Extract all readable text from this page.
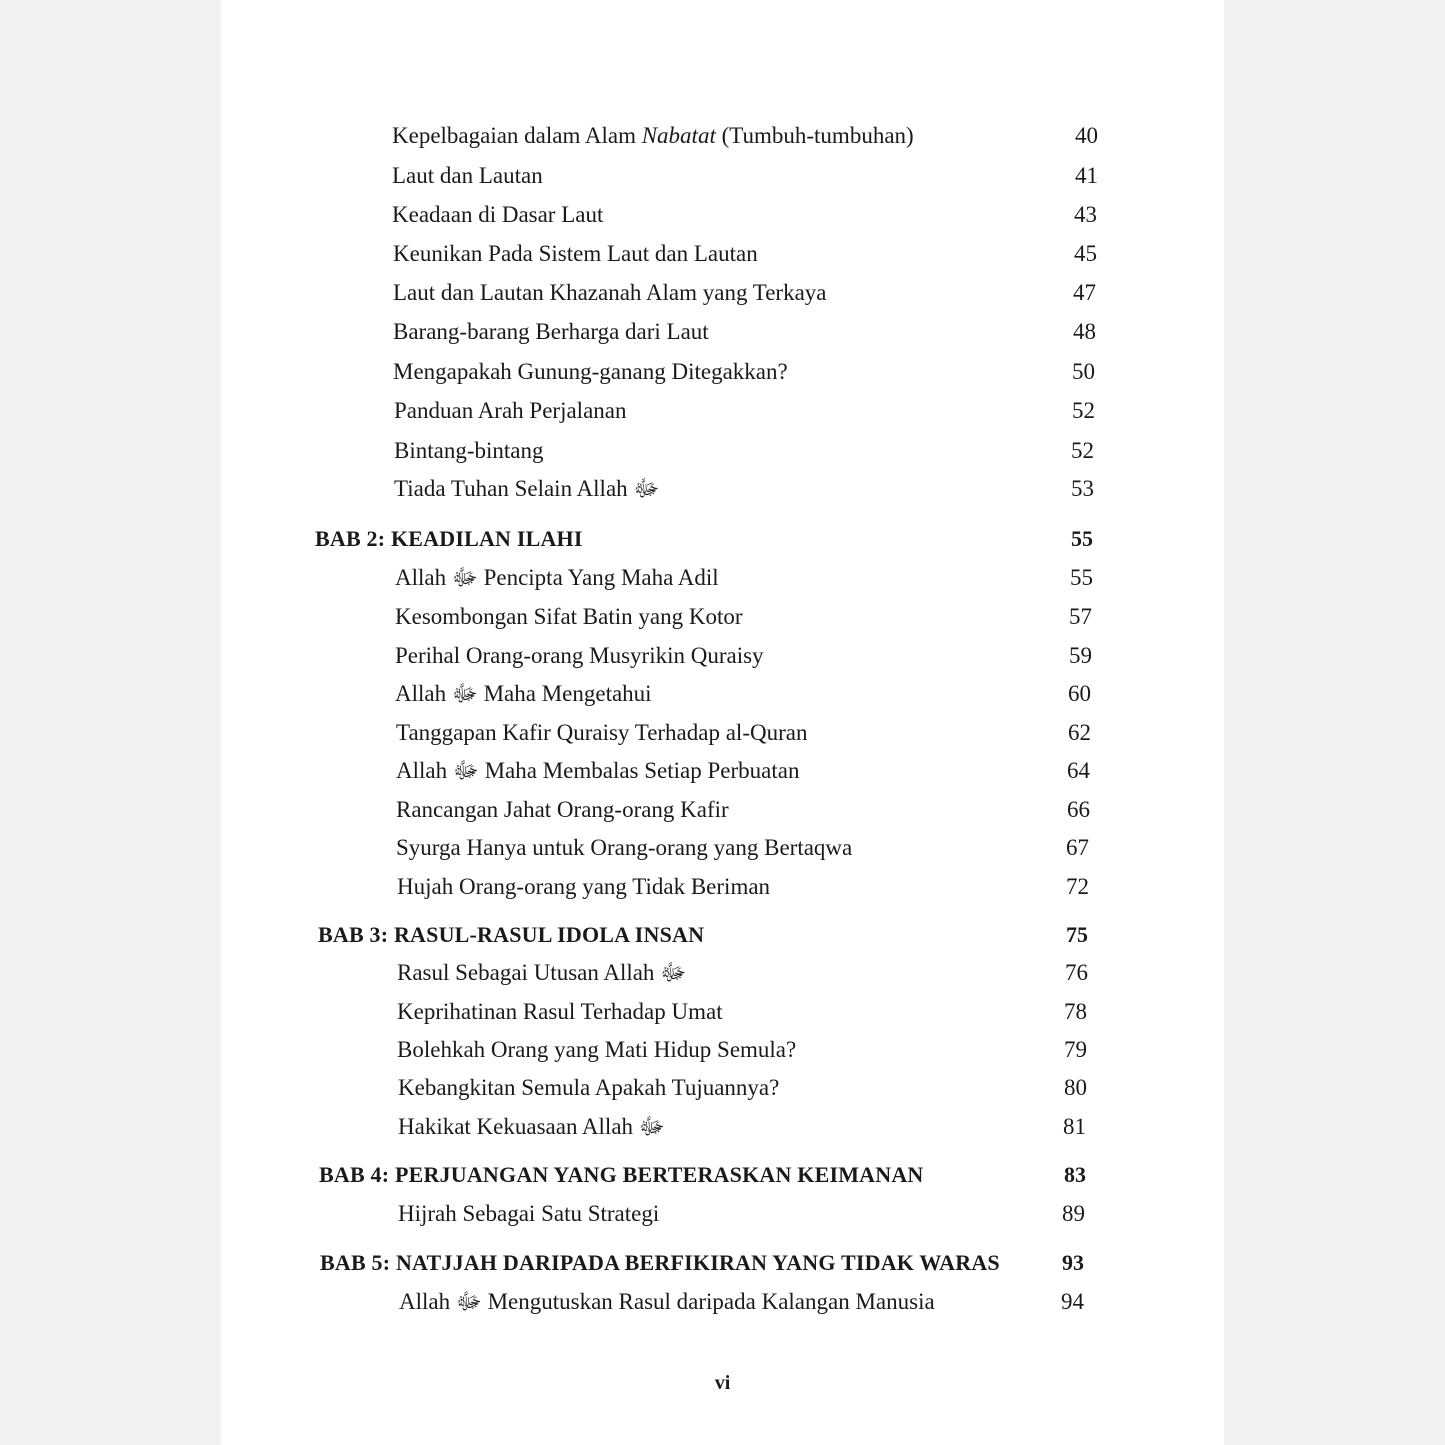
Kepelbagaian dalam Alam Nabatat (Tumbuh-tumbuhan)	40
Laut dan Lautan	41
Keadaan di Dasar Laut	43
Keunikan Pada Sistem Laut dan Lautan	45
Laut dan Lautan Khazanah Alam yang Terkaya	47
Barang-barang Berharga dari Laut	48
Mengapakah Gunung-ganang Ditegakkan?	50
Panduan Arah Perjalanan	52
Bintang-bintang	52
Tiada Tuhan Selain Allah ﷻ	53
BAB 2: KEADILAN ILAHI	55
Allah ﷻ Pencipta Yang Maha Adil	55
Kesombongan Sifat Batin yang Kotor	57
Perihal Orang-orang Musyrikin Quraisy	59
Allah ﷻ Maha Mengetahui	60
Tanggapan Kafir Quraisy Terhadap al-Quran	62
Allah ﷻ Maha Membalas Setiap Perbuatan	64
Rancangan Jahat Orang-orang Kafir	66
Syurga Hanya untuk Orang-orang yang Bertaqwa	67
Hujah Orang-orang yang Tidak Beriman	72
BAB 3: RASUL-RASUL IDOLA INSAN	75
Rasul Sebagai Utusan Allah ﷻ	76
Keprihatinan Rasul Terhadap Umat	78
Bolehkah Orang yang Mati Hidup Semula?	79
Kebangkitan Semula Apakah Tujuannya?	80
Hakikat Kekuasaan Allah ﷻ	81
BAB 4: PERJUANGAN YANG BERTERASKAN KEIMANAN	83
Hijrah Sebagai Satu Strategi	89
BAB 5: NATJJAH DARIPADA BERFIKIRAN YANG TIDAK WARAS	93
Allah ﷻ Mengutuskan Rasul daripada Kalangan Manusia	94
vi
